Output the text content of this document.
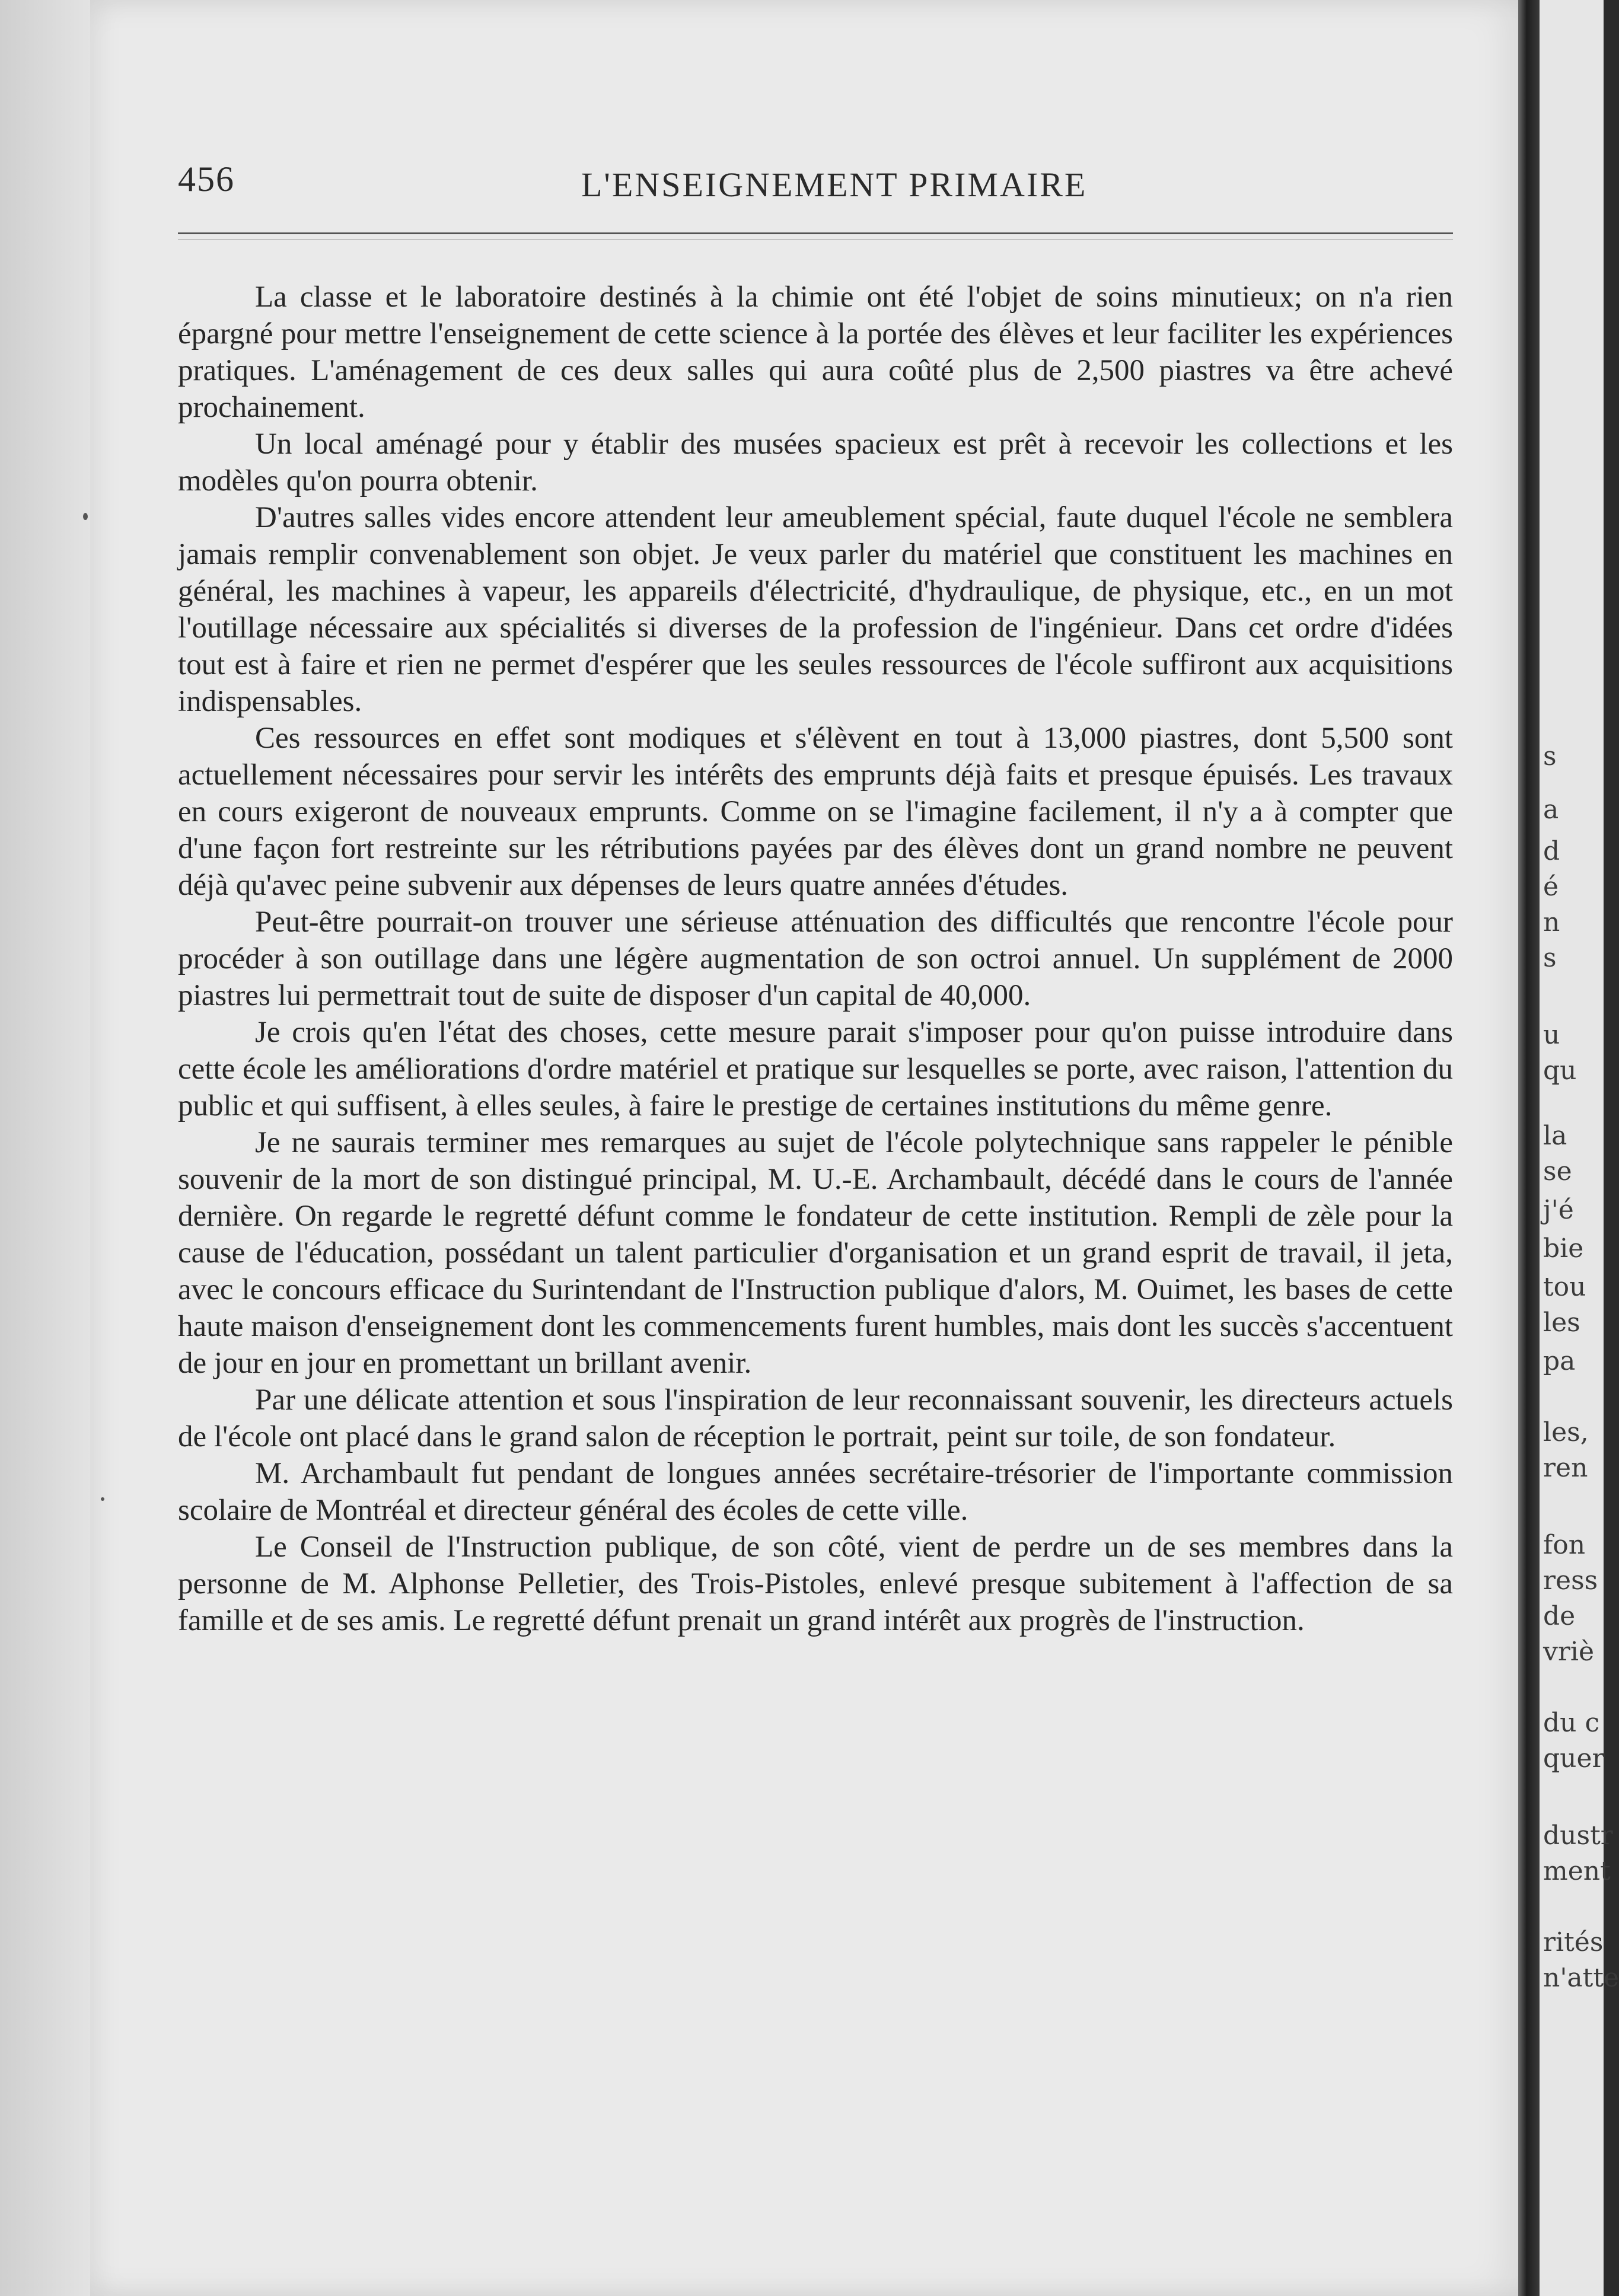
456	L'ENSEIGNEMENT PRIMAIRE

La classe et le laboratoire destinés à la chimie ont été l'objet de soins minutieux; on n'a rien épargné pour mettre l'enseignement de cette science à la portée des élèves et leur faciliter les expériences pratiques. L'aménagement de ces deux salles qui aura coûté plus de 2,500 piastres va être achevé prochainement.

Un local aménagé pour y établir des musées spacieux est prêt à recevoir les collections et les modèles qu'on pourra obtenir.

D'autres salles vides encore attendent leur ameublement spécial, faute duquel l'école ne semblera jamais remplir convenablement son objet. Je veux parler du matériel que constituent les machines en général, les machines à vapeur, les appareils d'électricité, d'hydraulique, de physique, etc., en un mot l'outillage nécessaire aux spécialités si diverses de la profession de l'ingénieur. Dans cet ordre d'idées tout est à faire et rien ne permet d'espérer que les seules ressources de l'école suffiront aux acquisitions indispensables.

Ces ressources en effet sont modiques et s'élèvent en tout à 13,000 piastres, dont 5,500 sont actuellement nécessaires pour servir les intérêts des emprunts déjà faits et presque épuisés. Les travaux en cours exigeront de nouveaux emprunts. Comme on se l'imagine facilement, il n'y a à compter que d'une façon fort restreinte sur les rétributions payées par des élèves dont un grand nombre ne peuvent déjà qu'avec peine subvenir aux dépenses de leurs quatre années d'études.

Peut-être pourrait-on trouver une sérieuse atténuation des difficultés que rencontre l'école pour procéder à son outillage dans une légère augmentation de son octroi annuel. Un supplément de 2000 piastres lui permettrait tout de suite de disposer d'un capital de 40,000.

Je crois qu'en l'état des choses, cette mesure parait s'imposer pour qu'on puisse introduire dans cette école les améliorations d'ordre matériel et pratique sur lesquelles se porte, avec raison, l'attention du public et qui suffisent, à elles seules, à faire le prestige de certaines institutions du même genre.

Je ne saurais terminer mes remarques au sujet de l'école polytechnique sans rappeler le pénible souvenir de la mort de son distingué principal, M. U.-E. Archambault, décédé dans le cours de l'année dernière. On regarde le regretté défunt comme le fondateur de cette institution. Rempli de zèle pour la cause de l'éducation, possédant un talent particulier d'organisation et un grand esprit de travail, il jeta, avec le concours efficace du Surintendant de l'Instruction publique d'alors, M. Ouimet, les bases de cette haute maison d'enseignement dont les commencements furent humbles, mais dont les succès s'accentuent de jour en jour en promettant un brillant avenir.

Par une délicate attention et sous l'inspiration de leur reconnaissant souvenir, les directeurs actuels de l'école ont placé dans le grand salon de réception le portrait, peint sur toile, de son fondateur.

M. Archambault fut pendant de longues années secrétaire-trésorier de l'importante commission scolaire de Montréal et directeur général des écoles de cette ville.

Le Conseil de l'Instruction publique, de son côté, vient de perdre un de ses membres dans la personne de M. Alphonse Pelletier, des Trois-Pistoles, enlevé presque subitement à l'affection de sa famille et de ses amis. Le regretté défunt prenait un grand intérêt aux progrès de l'instruction.

s
a
d
é
n
s
u
qu
la
se
j'é
bie
tou
les
pa
les,
ren
fon
ress
de
vriè
du c
quer
dustr
ment
rités
n'atte
